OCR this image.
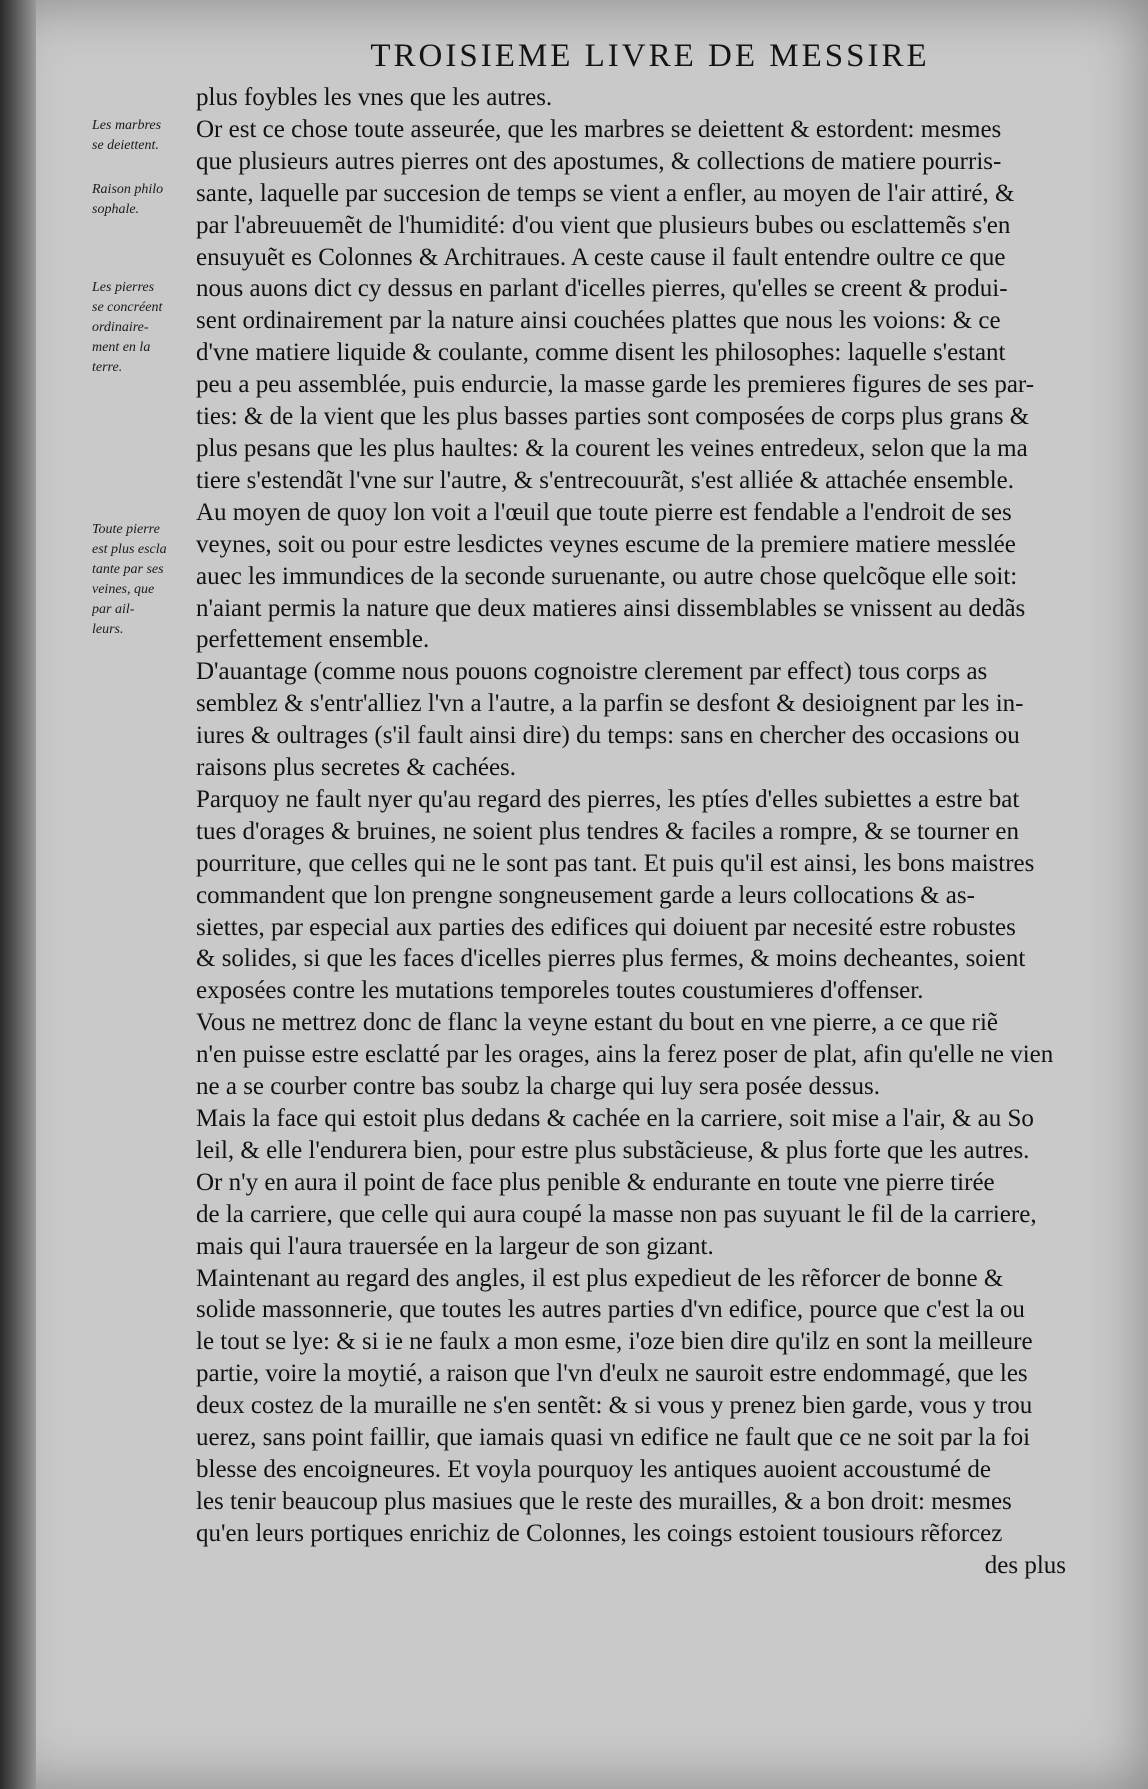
TROISIEME LIVRE DE MESSIRE
Les marbres
se deiettent.
Raison philo
sophale.
Les pierres
se concréent
ordinaire-
ment en la
terre.
Toute pierre
est plus escla
tante par ses
veines, que
par ail-
leurs.
plus foybles les vnes que les autres.
Or est ce chose toute asseurée, que les marbres se deiettent & estordent: mesmes
que plusieurs autres pierres ont des apostumes, & collections de matiere pourris-
sante, laquelle par succesion de temps se vient a enfler, au moyen de l'air attiré, &
par l'abreuuemẽt de l'humidité: d'ou vient que plusieurs bubes ou esclattemẽs s'en
ensuyuẽt es Colonnes & Architraues. A ceste cause il fault entendre oultre ce que
nous auons dict cy dessus en parlant d'icelles pierres, qu'elles se creent & produi-
sent ordinairement par la nature ainsi couchées plattes que nous les voions: & ce
d'vne matiere liquide & coulante, comme disent les philosophes: laquelle s'estant
peu a peu assemblée, puis endurcie, la masse garde les premieres figures de ses par-
ties: & de la vient que les plus basses parties sont composées de corps plus grans &
plus pesans que les plus haultes: & la courent les veines entredeux, selon que la ma
tiere s'estendãt l'vne sur l'autre, & s'entrecouurãt, s'est alliée & attachée ensemble.
Au moyen de quoy lon voit a l'œuil que toute pierre est fendable a l'endroit de ses
veynes, soit ou pour estre lesdictes veynes escume de la premiere matiere messlée
auec les immundices de la seconde suruenante, ou autre chose quelcõque elle soit:
n'aiant permis la nature que deux matieres ainsi dissemblables se vnissent au dedãs
perfettement ensemble.
D'auantage (comme nous pouons cognoistre clerement par effect) tous corps as
semblez & s'entr'alliez l'vn a l'autre, a la parfin se desfont & desioignent par les in-
iures & oultrages (s'il fault ainsi dire) du temps: sans en chercher des occasions ou
raisons plus secretes & cachées.
Parquoy ne fault nyer qu'au regard des pierres, les ptíes d'elles subiettes a estre bat
tues d'orages & bruines, ne soient plus tendres & faciles a rompre, & se tourner en
pourriture, que celles qui ne le sont pas tant. Et puis qu'il est ainsi, les bons maistres
commandent que lon prengne songneusement garde a leurs collocations & as-
siettes, par especial aux parties des edifices qui doiuent par necesité estre robustes
& solides, si que les faces d'icelles pierres plus fermes, & moins decheantes, soient
exposées contre les mutations temporeles toutes coustumieres d'offenser.
Vous ne mettrez donc de flanc la veyne estant du bout en vne pierre, a ce que riẽ
n'en puisse estre esclatté par les orages, ains la ferez poser de plat, afin qu'elle ne vien
ne a se courber contre bas soubz la charge qui luy sera posée dessus.
Mais la face qui estoit plus dedans & cachée en la carriere, soit mise a l'air, & au So
leil, & elle l'endurera bien, pour estre plus substãcieuse, & plus forte que les autres.
Or n'y en aura il point de face plus penible & endurante en toute vne pierre tirée
de la carriere, que celle qui aura coupé la masse non pas suyuant le fil de la carriere,
mais qui l'aura trauersée en la largeur de son gizant.
Maintenant au regard des angles, il est plus expedieut de les rẽforcer de bonne &
solide massonnerie, que toutes les autres parties d'vn edifice, pource que c'est la ou
le tout se lye: & si ie ne faulx a mon esme, i'oze bien dire qu'ilz en sont la meilleure
partie, voire la moytié, a raison que l'vn d'eulx ne sauroit estre endommagé, que les
deux costez de la muraille ne s'en sentẽt: & si vous y prenez bien garde, vous y trou
uerez, sans point faillir, que iamais quasi vn edifice ne fault que ce ne soit par la foi
blesse des encoigneures. Et voyla pourquoy les antiques auoient accoustumé de
les tenir beaucoup plus masiues que le reste des murailles, & a bon droit: mesmes
qu'en leurs portiques enrichiz de Colonnes, les coings estoient tousiours rẽforcez
des plus
